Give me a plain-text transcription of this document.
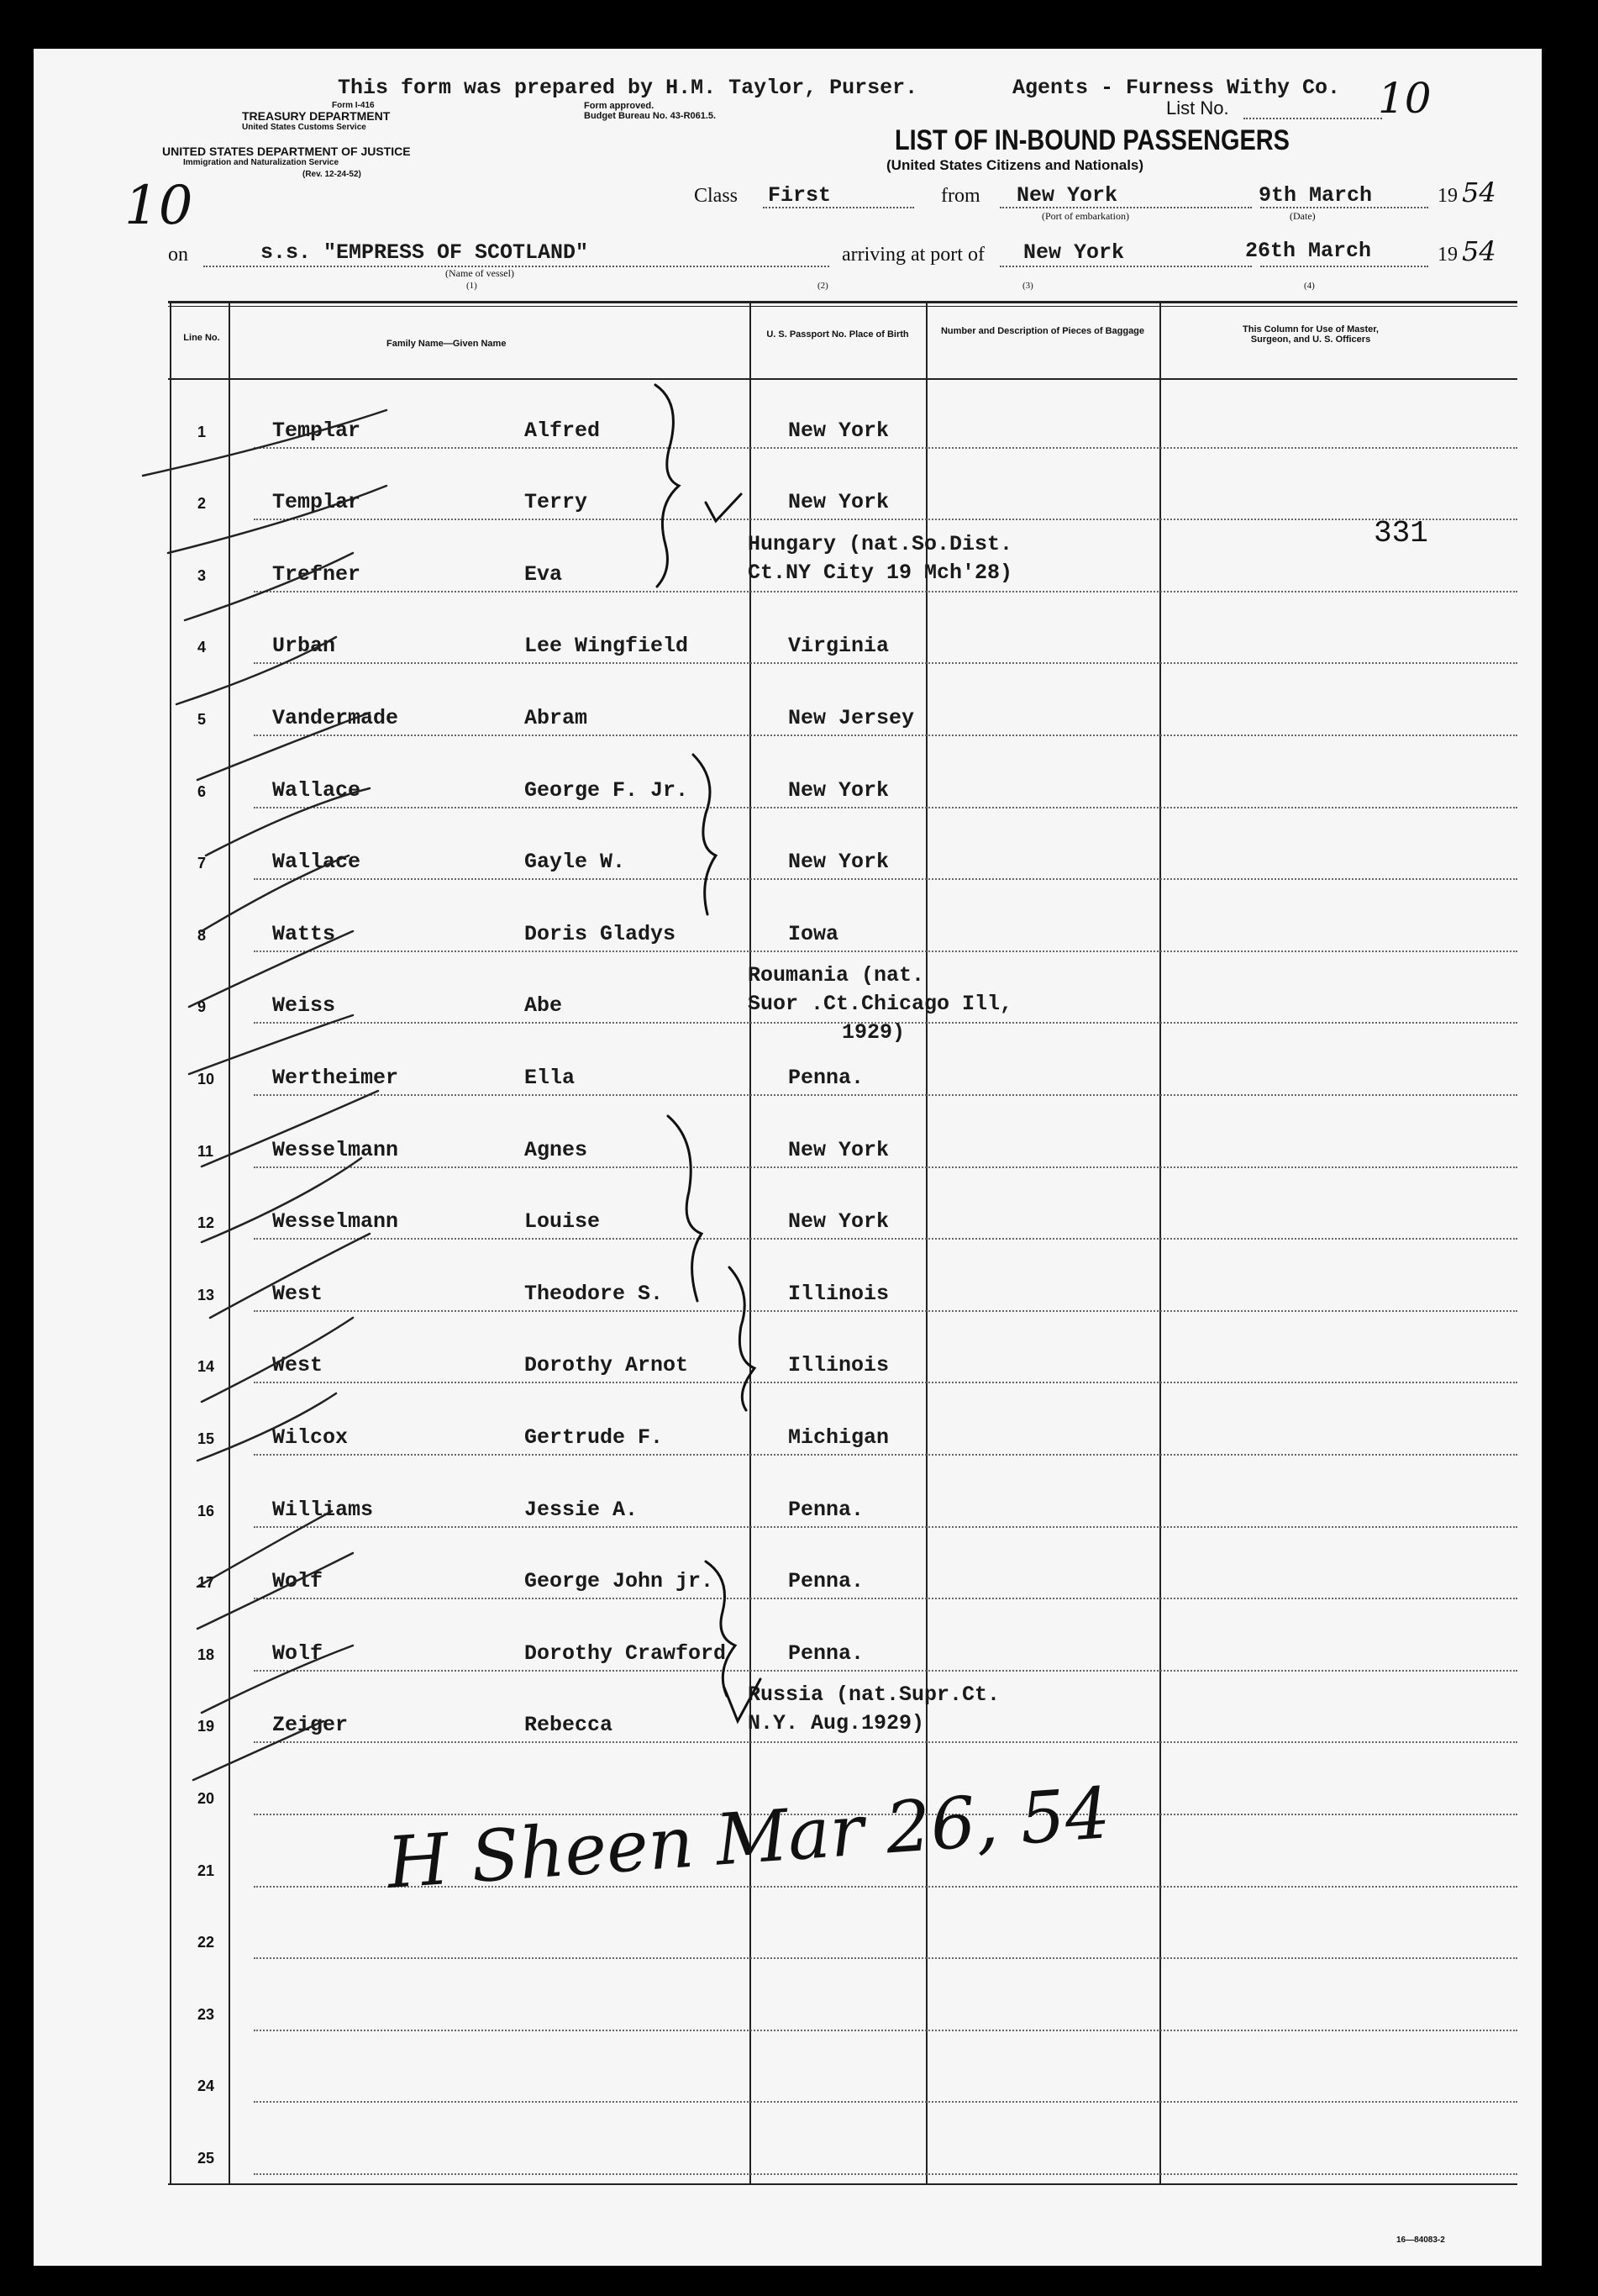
This form was prepared by H.M. Taylor, Purser.	Agents - Furness Withy Co.
List No.	10
Form I-416
TREASURY DEPARTMENT
United States Customs Service
Form approved.
Budget Bureau No. 43-R061.5.
UNITED STATES DEPARTMENT OF JUSTICE
Immigration and Naturalization Service
(Rev. 12-24-52)
LIST OF IN-BOUND PASSENGERS
(United States Citizens and Nationals)
10	Class First	from New York
(Port of embarkation)
9th March	19 54
(Date)
on	s.s. "EMPRESS OF SCOTLAND"
(Name of vessel)
arriving at port of New York	26th March	19 54
(1)	(2)	(3)	(4)
Line No.
Family Name—Given Name
U. S. Passport No. Place of Birth	Number and Description of Pieces of Baggage	This Column for Use of Master, Surgeon, and U. S. Officers
1	Templar	Alfred	New York
2	Templar	Terry	New York
3	Trefner	Eva
Hungary (nat.So.Dist.
Ct.NY City 19 Mch'28)
4	Urban	Lee Wingfield	Virginia
5	Vandermade	Abram	New Jersey
6	Wallace	George F. Jr.	New York
7	Wallace	Gayle W.	New York
8	Watts	Doris Gladys	Iowa
9	Weiss	Abe
Roumania (nat.
Suor .Ct.Chicago Ill,
1929)
10	Wertheimer	Ella	Penna.
11	Wesselmann	Agnes	New York
12	Wesselmann	Louise	New York
13	West	Theodore S.	Illinois
14	West	Dorothy Arnot	Illinois
15	Wilcox	Gertrude F.	Michigan
16	Williams	Jessie A.	Penna.
17	Wolf	George John jr.	Penna.
18	Wolf	Dorothy Crawford	Penna.
19	Zeiger	Rebecca
Russia (nat.Supr.Ct.
N.Y. Aug.1929)
20
21
22
23
24
25
331
H Sheen Mar 26, 54
16—84083-2
